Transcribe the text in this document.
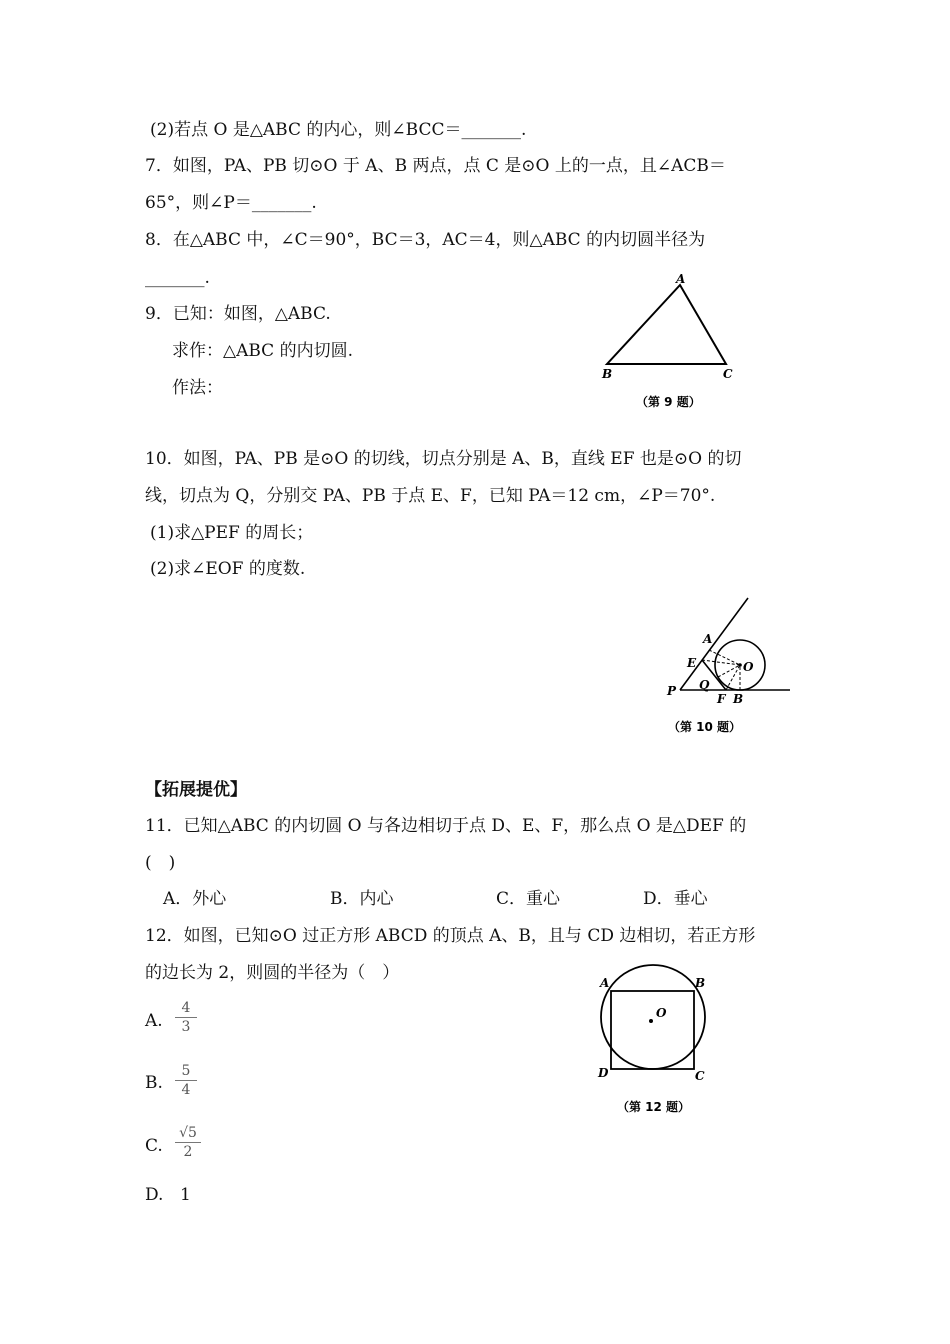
(2)若点 O 是△ABC 的内心，则∠BCC＝_______.
7．如图，PA、PB 切⊙O 于 A、B 两点，点 C 是⊙O 上的一点，且∠ACB＝
65°，则∠P＝_______.
8．在△ABC 中，∠C＝90°，BC＝3，AC＝4，则△ABC 的内切圆半径为
_______.
9．已知：如图，△ABC.
求作：△ABC 的内切圆.
作法：
A
B	C
（第 9 题）
10．如图，PA、PB 是⊙O 的切线，切点分别是 A、B，直线 EF 也是⊙O 的切
线，切点为 Q，分别交 PA、PB 于点 E、F，已知 PA＝12 cm，∠P＝70°.
(1)求△PEF 的周长；
(2)求∠EOF 的度数.
A
E	O
Q
P
F B
（第 10 题）
【拓展提优】
11．已知△ABC 的内切圆 O 与各边相切于点 D、E、F，那么点 O 是△DEF 的
(　)
A．外心	B．内心	C．重心	D．垂心
12．如图，已知⊙O 过正方形 ABCD 的顶点 A、B，且与 CD 边相切，若正方形
的边长为 2，则圆的半径为（　）
A.
4
3
B.
5
4
C.
√5
2
D. 1
O
A	B
C
D
（第 12 题）
